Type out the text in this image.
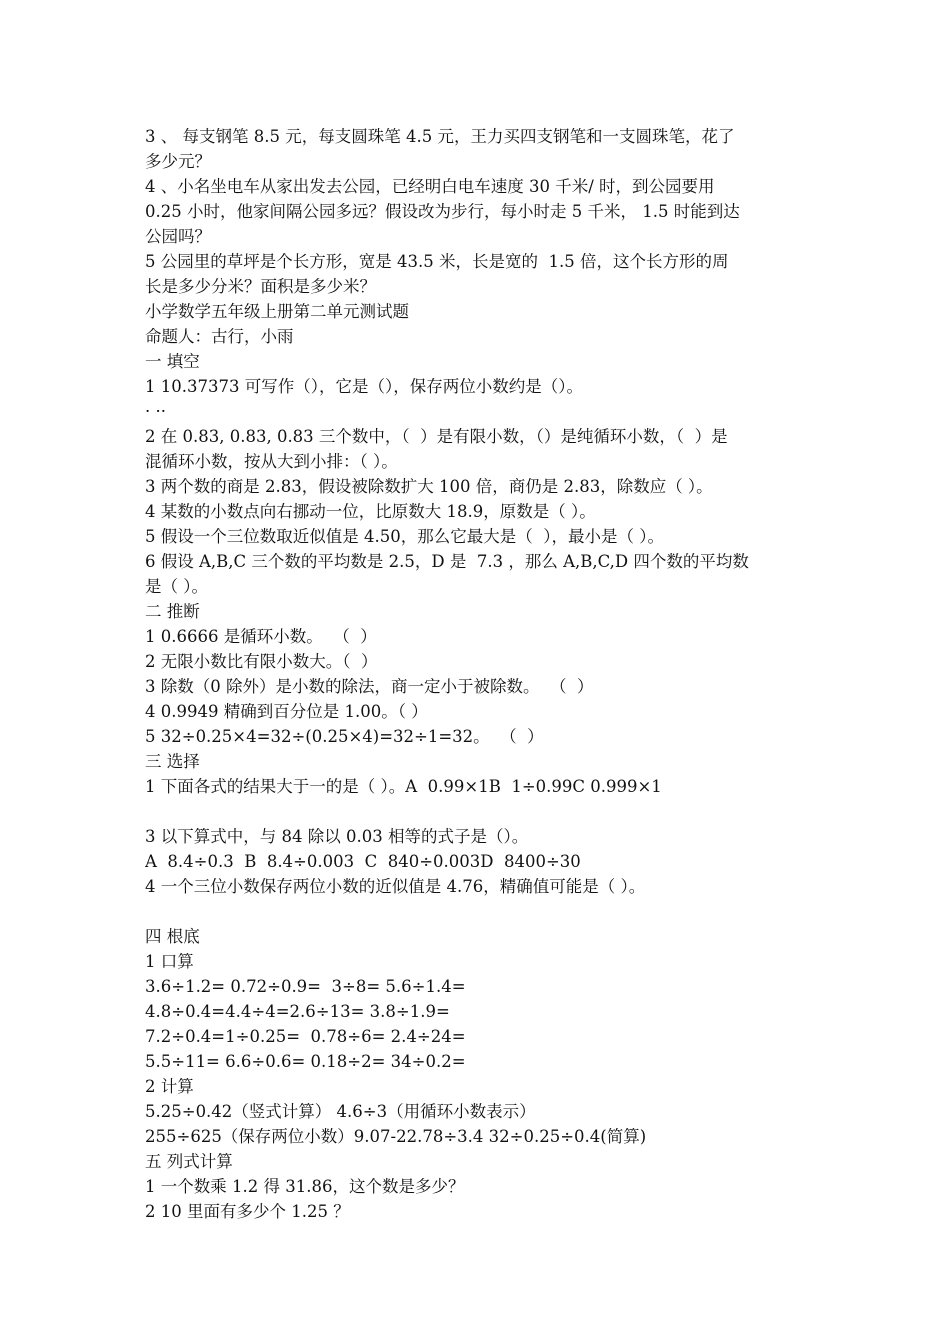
3 、 每支钢笔 8.5 元，每支圆珠笔 4.5 元，王力买四支钢笔和一支圆珠笔，花了
多少元？
4 、小名坐电车从家出发去公园，已经明白电车速度 30 千米/ 时，到公园要用
0.25 小时，他家间隔公园多远？假设改为步行，每小时走 5 千米， 1.5 时能到达
公园吗？
5 公园里的草坪是个长方形，宽是 43.5 米，长是宽的  1.5 倍，这个长方形的周
长是多少分米？面积是多少米？
小学数学五年级上册第二单元测试题
命题人：古行，小雨
一 填空
1 10.37373 可写作（），它是（），保存两位小数约是（）。
· ··
2 在 0.83, 0.83, 0.83 三个数中，（  ）是有限小数，（）是纯循环小数，（  ）是
混循环小数，按从大到小排：（ ）。
3 两个数的商是 2.83，假设被除数扩大 100 倍，商仍是 2.83，除数应（ ）。
4 某数的小数点向右挪动一位，比原数大 18.9，原数是（ ）。
5 假设一个三位数取近似值是 4.50，那么它最大是（  ），最小是（ ）。
6 假设 A,B,C 三个数的平均数是 2.5，D 是  7.3 ，那么 A,B,C,D 四个数的平均数
是（ ）。
二 推断
1 0.6666 是循环小数。  （  ）
2 无限小数比有限小数大。（  ）
3 除数（0 除外）是小数的除法，商一定小于被除数。  （  ）
4 0.9949 精确到百分位是 1.00。（ ）
5 32÷0.25×4=32÷(0.25×4)=32÷1=32。  （  ）
三 选择
1 下面各式的结果大于一的是（ ）。A  0.99×1B  1÷0.99C 0.999×1
3 以下算式中，与 84 除以 0.03 相等的式子是（）。
A  8.4÷0.3  B  8.4÷0.003  C  840÷0.003D  8400÷30
4 一个三位小数保存两位小数的近似值是 4.76，精确值可能是（ ）。
四 根底
1 口算
3.6÷1.2= 0.72÷0.9=  3÷8= 5.6÷1.4=
4.8÷0.4=4.4÷4=2.6÷13= 3.8÷1.9=
7.2÷0.4=1÷0.25=  0.78÷6= 2.4÷24=
5.5÷11= 6.6÷0.6= 0.18÷2= 34÷0.2=
2 计算
5.25÷0.42（竖式计算） 4.6÷3（用循环小数表示）
255÷625（保存两位小数）9.07-22.78÷3.4 32÷0.25÷0.4(简算)
五 列式计算
1 一个数乘 1.2 得 31.86，这个数是多少？
2 10 里面有多少个 1.25 ？
